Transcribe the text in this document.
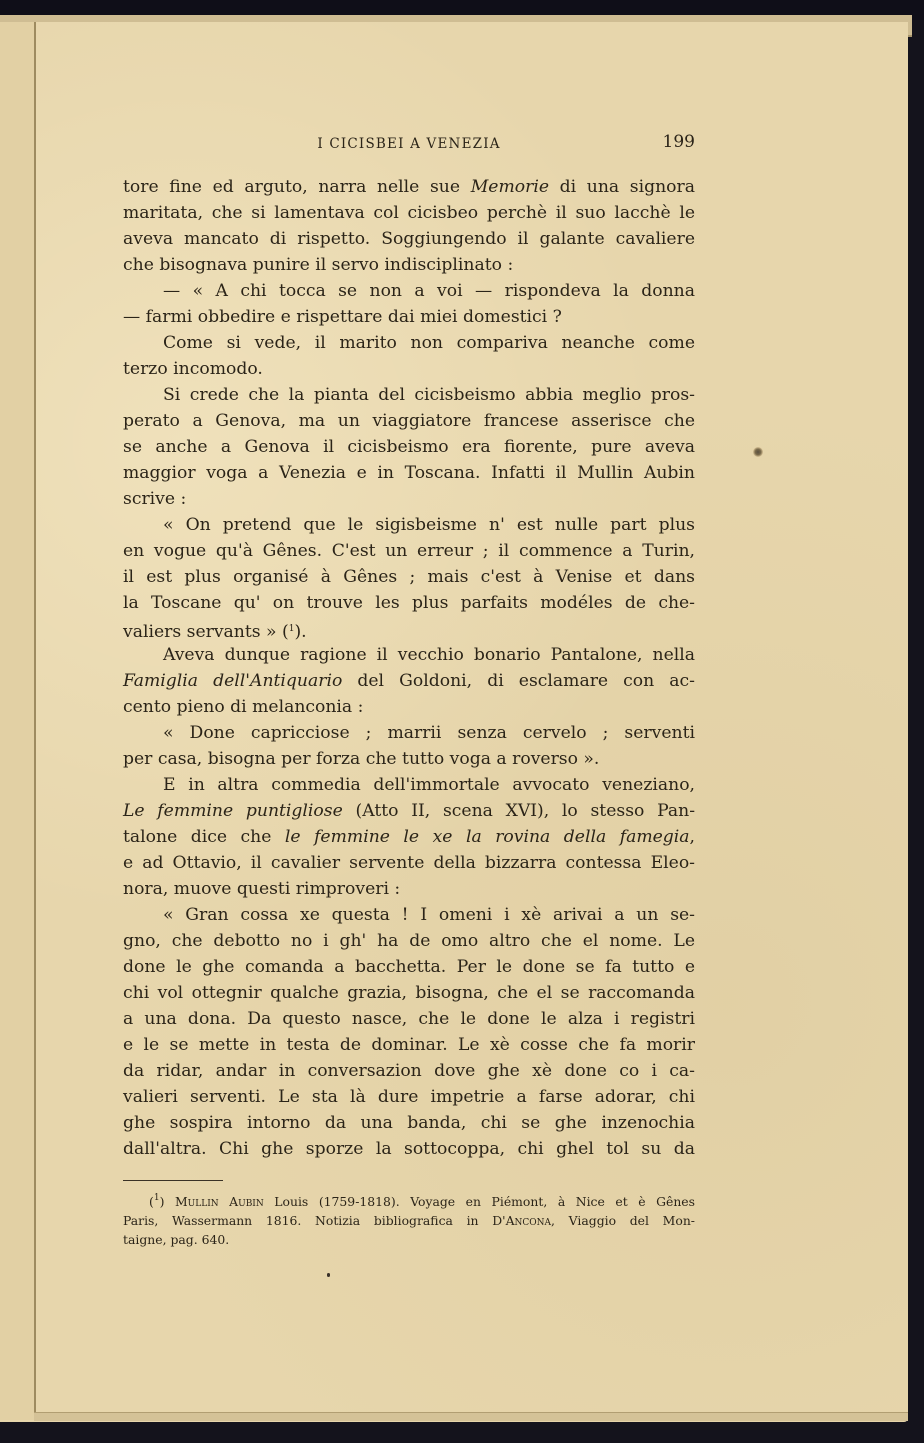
I CICISBEI A VENEZIA	199
tore fine ed arguto, narra nelle sue Memorie di una signora
maritata, che si lamentava col cicisbeo perchè il suo lacchè le
aveva mancato di rispetto. Soggiungendo il galante cavaliere
che bisognava punire il servo indisciplinato :
— « A chi tocca se non a voi — rispondeva la donna
— farmi obbedire e rispettare dai miei domestici ?
Come si vede, il marito non compariva neanche come
terzo incomodo.
Si crede che la pianta del cicisbeismo abbia meglio pros-
perato a Genova, ma un viaggiatore francese asserisce che
se anche a Genova il cicisbeismo era fiorente, pure aveva
maggior voga a Venezia e in Toscana. Infatti il Mullin Aubin
scrive :
« On pretend que le sigisbeisme n' est nulle part plus
en vogue qu'à Gênes. C'est un erreur ; il commence a Turin,
il est plus organisé à Gênes ; mais c'est à Venise et dans
la Toscane qu' on trouve les plus parfaits modéles de che-
valiers servants » ($^1$).
Aveva dunque ragione il vecchio bonario Pantalone, nella
Famiglia dell'Antiquario del Goldoni, di esclamare con ac-
cento pieno di melanconia :
« Done capricciose ; marrii senza cervelo ; serventi
per casa, bisogna per forza che tutto voga a roverso ».
E in altra commedia dell'immortale avvocato veneziano,
Le femmine puntigliose (Atto II, scena XVI), lo stesso Pan-
talone dice che le femmine le xe la rovina della famegia,
e ad Ottavio, il cavalier servente della bizzarra contessa Eleo-
nora, muove questi rimproveri :
« Gran cossa xe questa ! I omeni i xè arivai a un se-
gno, che debotto no i gh' ha de omo altro che el nome. Le
done le ghe comanda a bacchetta. Per le done se fa tutto e
chi vol ottegnir qualche grazia, bisogna, che el se raccomanda
a una dona. Da questo nasce, che le done le alza i registri
e le se mette in testa de dominar. Le xè cosse che fa morir
da ridar, andar in conversazion dove ghe xè done co i ca-
valieri serventi. Le sta là dure impetrie a farse adorar, chi
ghe sospira intorno da una banda, chi se ghe inzenochia
dall'altra. Chi ghe sporze la sottocoppa, chi ghel tol su da
($^1$) Mullin Aubin Louis (1759-1818). Voyage en Piémont, à Nice et è Gênes
Paris, Wassermann 1816. Notizia bibliografica in D'Ancona, Viaggio del Mon-
taigne, pag. 640.
